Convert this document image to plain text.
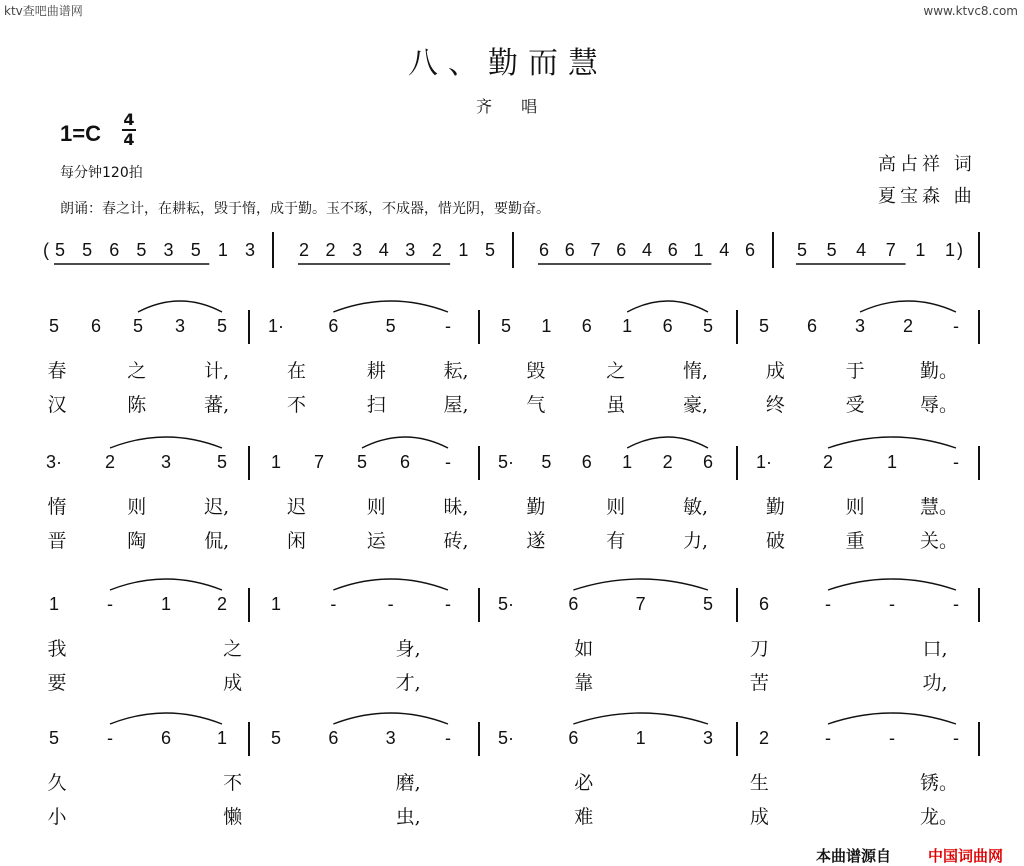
ktv查吧曲谱网	www.ktvc8.com
八、勤而慧
齐 唱
1=C
4
4
每分钟120拍
朗诵：春之计，在耕耘，毁于惰，成于勤。玉不琢，不成器，惜光阴，要勤奋。
高占祥 词
夏宝森 曲
( 5 5 6 5 3 5 1 3 2 2 3 4 3 2 1 5 6 6 7 6 4 6 1 4 6 5 5 4 7 1 1 )
5 6 5 3 5 1· 6	5	-	5 1 6 1 6 5	5 6 3 2 -
春	之	计,	在	耕	耘,	毁	之	惰,	成	于	勤。
汉	陈	蕃,	不	扫	屋,	气	虽	豪,	终	受	辱。
3· 2	3	5 1 7 5 6 -	5· 5 6 1 2 6 1·	2	1	-
惰	则	迟,	迟	则	昧,	勤	则	敏,	勤	则	慧。
晋	陶	侃,	闲	运	砖,	遂	有	力,	破	重	关。
1	-	1	2 1	-	-	-	5·	6	7	5	6	-	-	-
我	之	身,	如	刀	口,
要	成	才,	靠	苦	功,
5	-	6	1 5	6	3	-	5·	6	1	3	2	-	-	-
久	不	磨,	必	生	锈。
小	懒	虫,	难	成	龙。
本曲谱源自 中国词曲网
